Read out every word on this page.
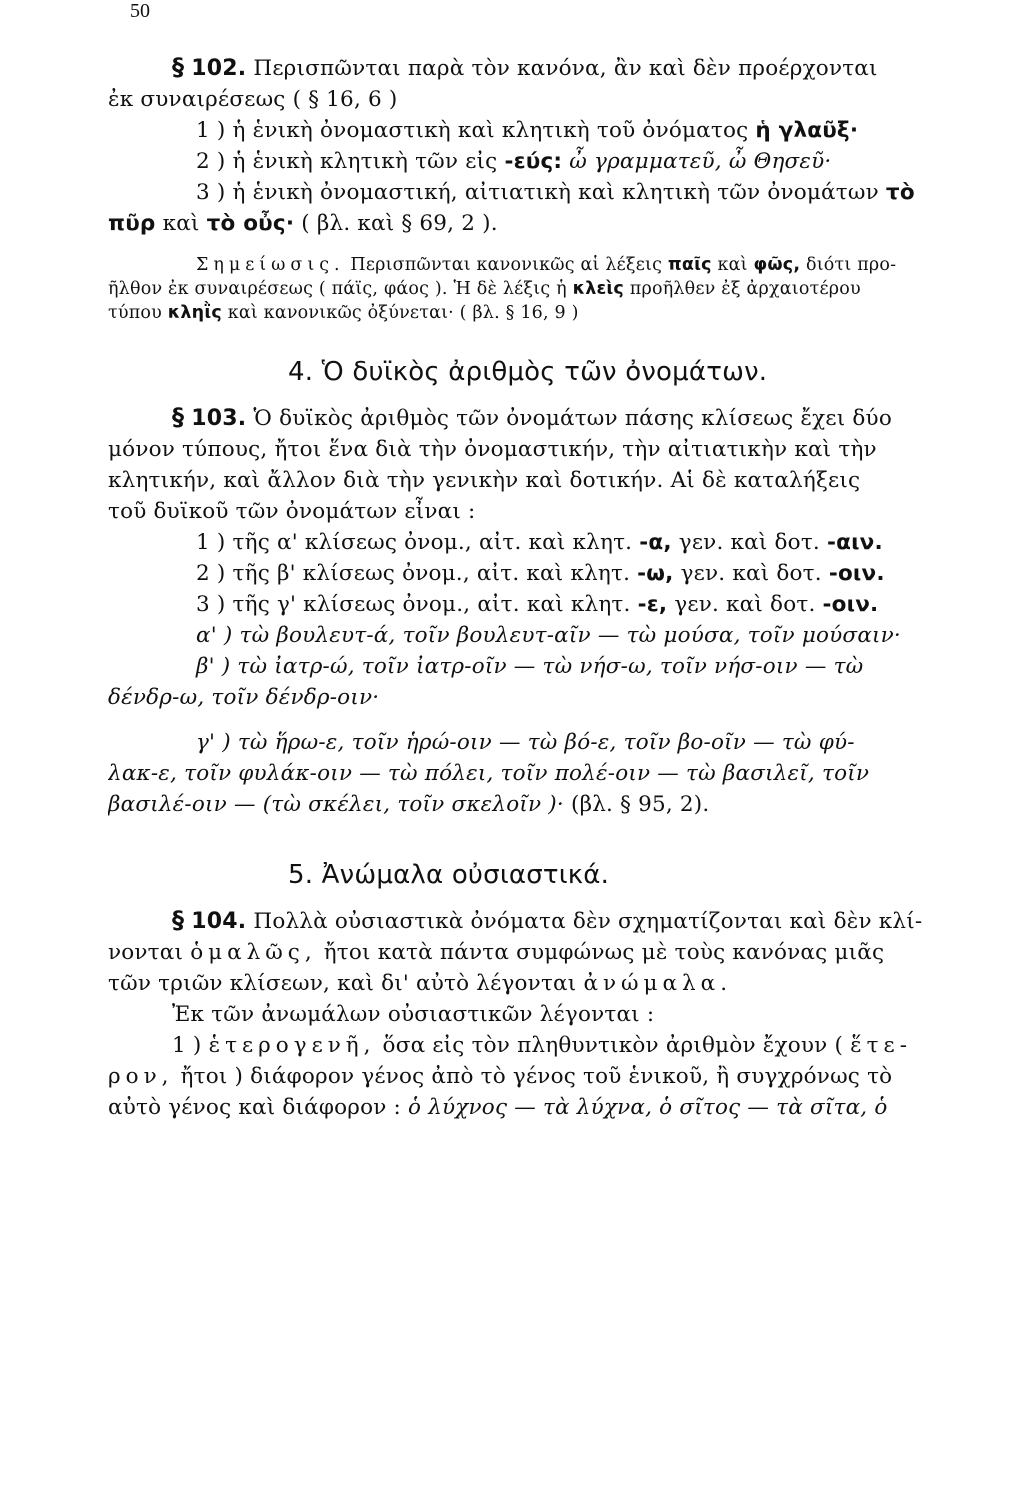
50
§ 102. Περισπῶνται παρὰ τὸν κανόνα, ἂν καὶ δὲν προέρχονται
ἐκ συναιρέσεως ( § 16, 6 )
1 ) ἡ ἑνικὴ ὀνομαστικὴ καὶ κλητικὴ τοῦ ὀνόματος ἡ γλαῦξ·
2 ) ἡ ἑνικὴ κλητικὴ τῶν εἰς -εύς: ὦ γραμματεῦ, ὦ Θησεῦ·
3 ) ἡ ἑνικὴ ὀνομαστική, αἰτιατικὴ καὶ κλητικὴ τῶν ὀνομάτων τὸ
πῦρ καὶ τὸ οὖς· ( βλ. καὶ § 69, 2 ).
Σημείωσις. Περισπῶνται κανονικῶς αἱ λέξεις παῖς καὶ φῶς, διότι προ-
ῆλθον ἐκ συναιρέσεως ( πάϊς, φάος ). Ἡ δὲ λέξις ἡ κλεὶς προῆλθεν ἐξ ἀρχαιοτέρου
τύπου κληῒς καὶ κανονικῶς ὀξύνεται· ( βλ. § 16, 9 )
4. Ὁ δυϊκὸς ἀριθμὸς τῶν ὀνομάτων.
§ 103. Ὁ δυϊκὸς ἀριθμὸς τῶν ὀνομάτων πάσης κλίσεως ἔχει δύο
μόνον τύπους, ἤτοι ἕνα διὰ τὴν ὀνομαστικήν, τὴν αἰτιατικὴν καὶ τὴν
κλητικήν, καὶ ἄλλον διὰ τὴν γενικὴν καὶ δοτικήν. Αἱ δὲ καταλήξεις
τοῦ δυϊκοῦ τῶν ὀνομάτων εἶναι :
1 ) τῆς α' κλίσεως ὀνομ., αἰτ. καὶ κλητ. -α, γεν. καὶ δοτ. -αιν.
2 ) τῆς β' κλίσεως ὀνομ., αἰτ. καὶ κλητ. -ω, γεν. καὶ δοτ. -οιν.
3 ) τῆς γ' κλίσεως ὀνομ., αἰτ. καὶ κλητ. -ε, γεν. καὶ δοτ. -οιν.
α' ) τὼ βουλευτ-ά, τοῖν βουλευτ-αῖν — τὼ μούσα, τοῖν μούσαιν·
β' ) τὼ ἰατρ-ώ, τοῖν ἰατρ-οῖν — τὼ νήσ-ω, τοῖν νήσ-οιν — τὼ
δένδρ-ω, τοῖν δένδρ-οιν·
γ' ) τὼ ἥρω-ε, τοῖν ἡρώ-οιν — τὼ βό-ε, τοῖν βο-οῖν — τὼ φύ-
λακ-ε, τοῖν φυλάκ-οιν — τὼ πόλει, τοῖν πολέ-οιν — τὼ βασιλεῖ, τοῖν
βασιλέ-οιν — (τὼ σκέλει, τοῖν σκελοῖν )· (βλ. § 95, 2).
5. Ἀνώμαλα οὐσιαστικά.
§ 104. Πολλὰ οὐσιαστικὰ ὀνόματα δὲν σχηματίζονται καὶ δὲν κλί-
νονται ὁμαλῶς, ἤτοι κατὰ πάντα συμφώνως μὲ τοὺς κανόνας μιᾶς
τῶν τριῶν κλίσεων, καὶ δι' αὐτὸ λέγονται ἀνώμαλα.
Ἐκ τῶν ἀνωμάλων οὐσιαστικῶν λέγονται :
1 ) ἑτερογενῆ, ὅσα εἰς τὸν πληθυντικὸν ἀριθμὸν ἔχουν ( ἕτε-
ρον, ἤτοι ) διάφορον γένος ἀπὸ τὸ γένος τοῦ ἑνικοῦ, ἢ συγχρόνως τὸ
αὐτὸ γένος καὶ διάφορον : ὁ λύχνος — τὰ λύχνα, ὁ σῖτος — τὰ σῖτα, ὁ
